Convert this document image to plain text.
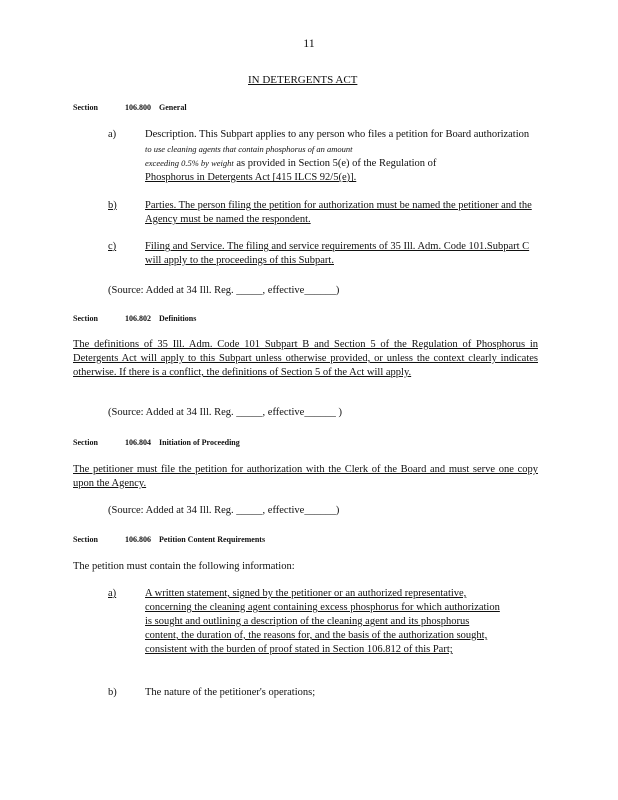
11
IN DETERGENTS ACT
Section	106.800 General
a)	Description. This Subpart applies to any person who files a petition for Board authorization
to use cleaning agents that contain phosphorus of an amount
exceeding 0.5% by weight as provided in Section 5(e) of the Regulation of
Phosphorus in Detergents Act [415 ILCS 92/5(e)].
b)	Parties. The person filing the petition for authorization must be named the petitioner and the Agency must be named the respondent.
c)	Filing and Service. The filing and service requirements of 35 Ill. Adm. Code 101.Subpart C will apply to the proceedings of this Subpart.
(Source: Added at 34 Ill. Reg. _____, effective______)
Section	106.802 Definitions
The definitions of 35 Ill. Adm. Code 101 Subpart B and Section 5 of the Regulation of Phosphorus in Detergents Act will apply to this Subpart unless otherwise provided, or unless the context clearly indicates otherwise. If there is a conflict, the definitions of Section 5 of the Act will apply.
(Source: Added at 34 Ill. Reg. _____, effective______ )
Section	106.804 Initiation of Proceeding
The petitioner must file the petition for authorization with the Clerk of the Board and must serve one copy upon the Agency.
(Source: Added at 34 Ill. Reg. _____, effective______)
Section	106.806 Petition Content Requirements
The petition must contain the following information:
a)	A written statement, signed by the petitioner or an authorized representative, concerning the cleaning agent containing excess phosphorus for which authorization is sought and outlining a description of the cleaning agent and its phosphorus content, the duration of, the reasons for, and the basis of the authorization sought, consistent with the burden of proof stated in Section 106.812 of this Part;
b)	The nature of the petitioner's operations;
